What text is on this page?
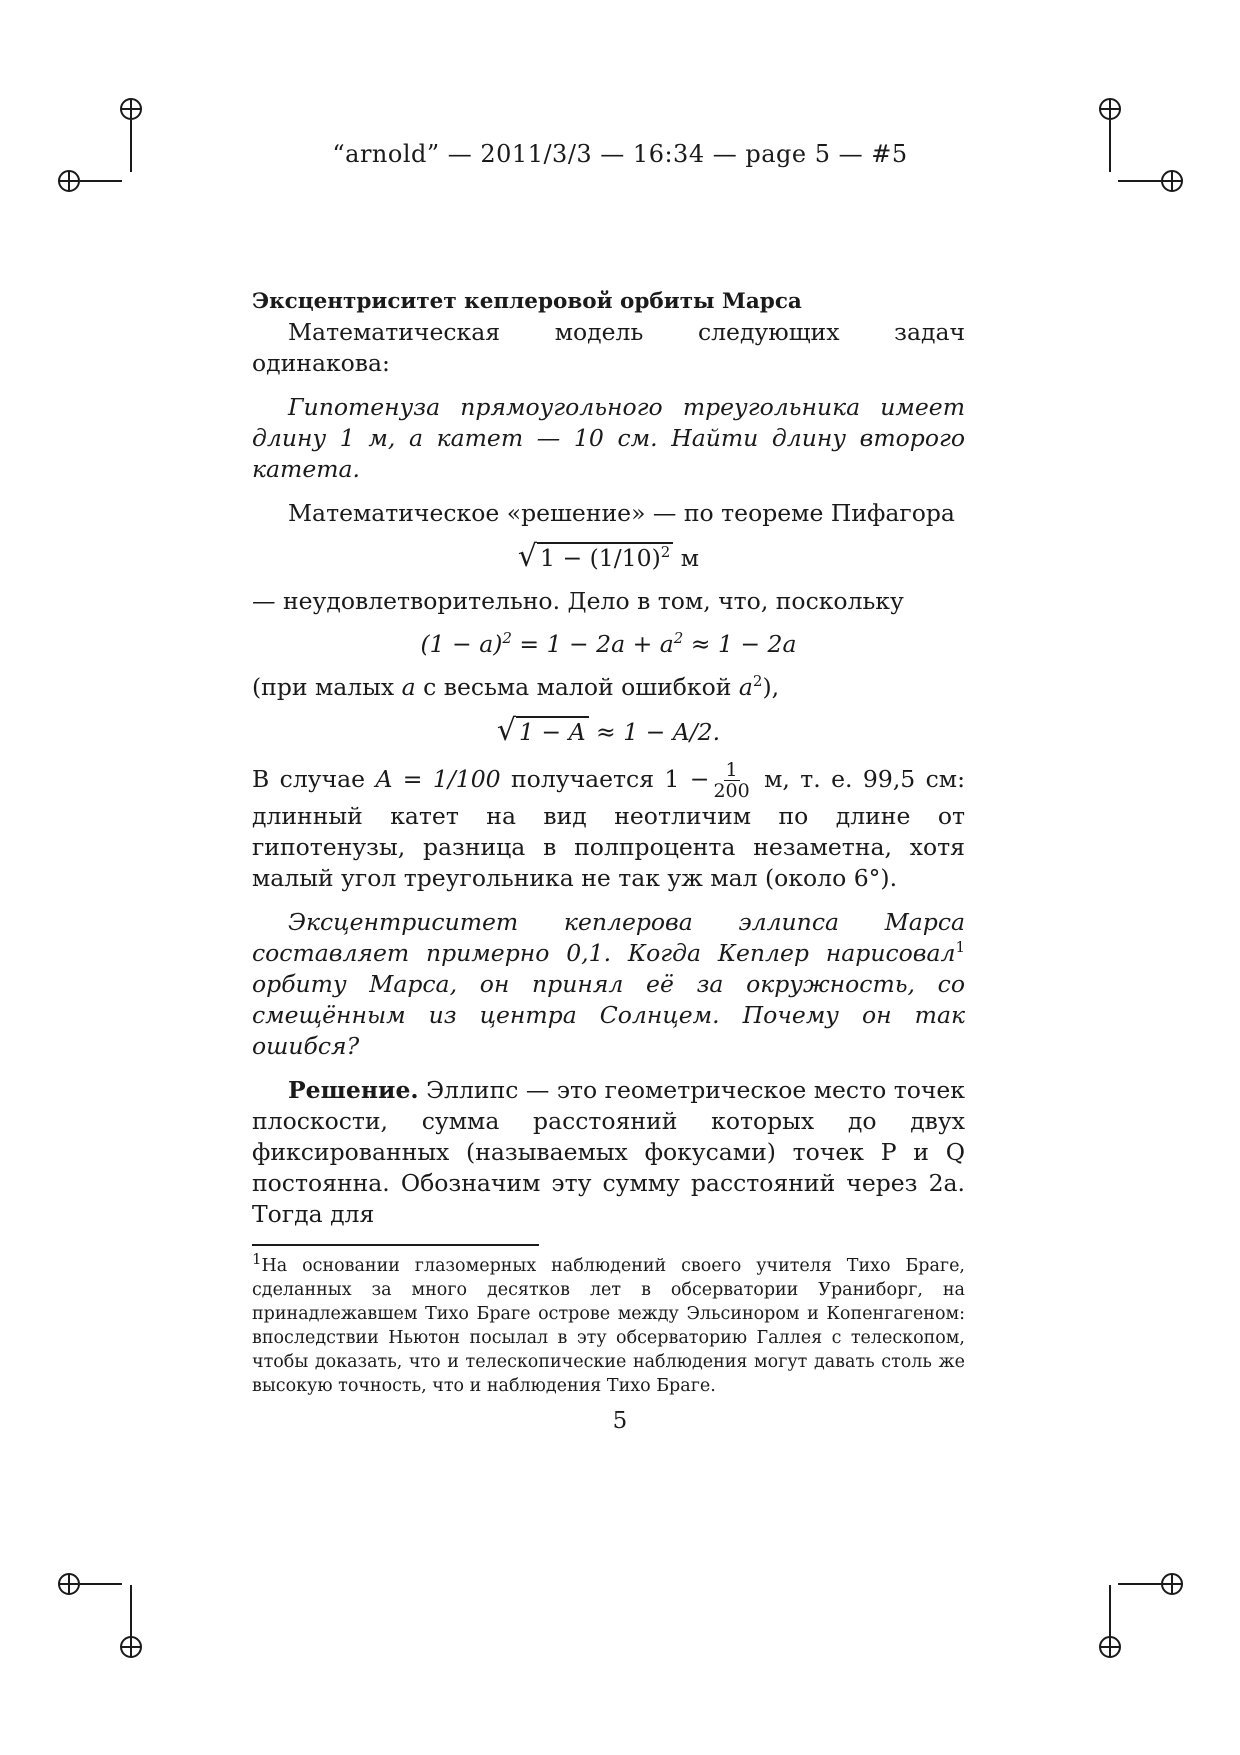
“arnold” — 2011/3/3 — 16:34 — page 5 — #5

Эксцентриситет кеплеровой орбиты Марса

Математическая модель следующих задач одинакова:

Гипотенуза прямоугольного треугольника имеет длину 1 м, а катет — 10 см. Найти длину второго катета.

Математическое «решение» — по теореме Пифагора

√ $1 - (1/10)^2$ м

— неудовлетворительно. Дело в том, что, поскольку

$(1 - a)^2 = 1 - 2a + a^2 \approx 1 - 2a$

(при малых a с весьма малой ошибкой $a^2$),

√ 1 − A ≈ 1 − A/2.

В случае A = 1/100 получается $1 - \frac{1}{200} м$, т. е. 99,5 см: длинный катет на вид неотличим по длине от гипотенузы, разница в полпроцента незаметна, хотя малый угол треугольника не так уж мал (около 6°).

Эксцентриситет кеплерова эллипса Марса составляет примерно 0,1. Когда Кеплер нарисовал$^1$ орбиту Марса, он принял её за окружность, со смещённым из центра Солнцем. Почему он так ошибся?

Решение. Эллипс — это геометрическое место точек плоскости, сумма расстояний которых до двух фиксированных (называемых фокусами) точек P и Q постоянна. Обозначим эту сумму расстояний через 2a. Тогда для

$^1$На основании глазомерных наблюдений своего учителя Тихо Браге, сделанных за много десятков лет в обсерватории Ураниборг, на принадлежавшем Тихо Браге острове между Эльсинором и Копенгагеном: впоследствии Ньютон посылал в эту обсерваторию Галлея с телескопом, чтобы доказать, что и телескопические наблюдения могут давать столь же высокую точность, что и наблюдения Тихо Браге.

5
